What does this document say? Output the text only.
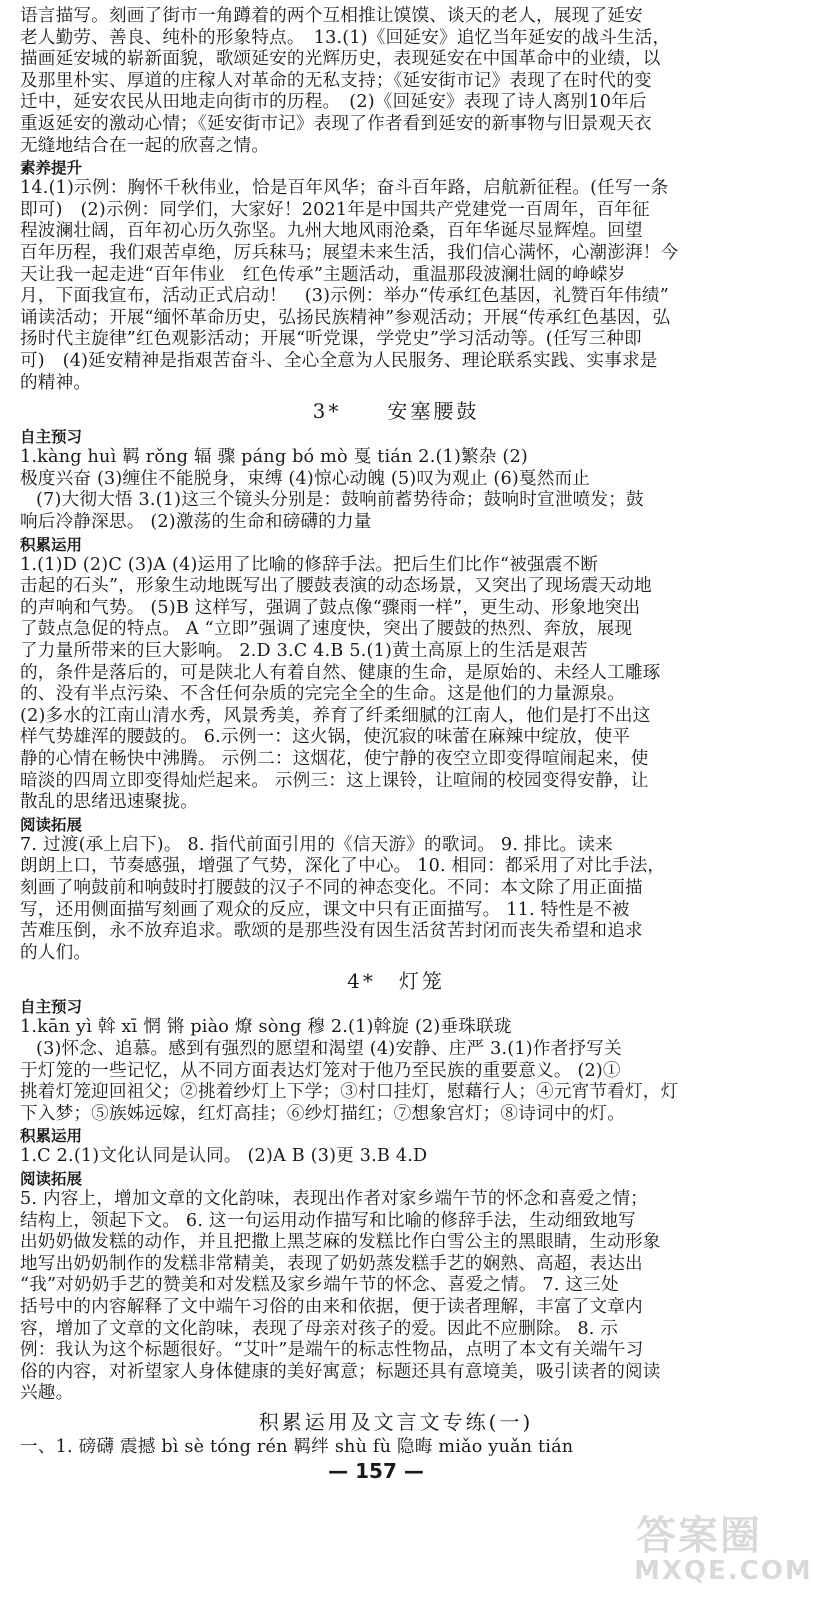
语言描写。刻画了街市一角蹲着的两个互相推让馍馍、谈天的老人，展现了延安
老人勤劳、善良、纯朴的形象特点。　13.(1)《回延安》追忆当年延安的战斗生活，
描画延安城的崭新面貌，歌颂延安的光辉历史，表现延安在中国革命中的业绩，以
及那里朴实、厚道的庄稼人对革命的无私支持；《延安街市记》表现了在时代的变
迁中，延安农民从田地走向街市的历程。　(2)《回延安》表现了诗人离别10年后
重返延安的激动心情；《延安街市记》表现了作者看到延安的新事物与旧景观天衣
无缝地结合在一起的欣喜之情。
素养提升
14.(1)示例：胸怀千秋伟业，恰是百年风华；奋斗百年路，启航新征程。(任写一条
即可)　(2)示例：同学们，大家好！2021年是中国共产党建党一百周年，百年征
程波澜壮阔，百年初心历久弥坚。九州大地风雨沧桑，百年华诞尽显辉煌。回望
百年历程，我们艰苦卓绝，厉兵秣马；展望未来生活，我们信心满怀，心潮澎湃！今
天让我一起走进“百年伟业　红色传承”主题活动，重温那段波澜壮阔的峥嵘岁
月，下面我宣布，活动正式启动！　(3)示例：举办“传承红色基因，礼赞百年伟绩”
诵读活动；开展“缅怀革命历史，弘扬民族精神”参观活动；开展“传承红色基因，弘
扬时代主旋律”红色观影活动；开展“听党课，学党史”学习活动等。(任写三种即
可)　(4)延安精神是指艰苦奋斗、全心全意为人民服务、理论联系实践、实事求是
的精神。
3*　　安塞腰鼓
自主预习
1.kàng huì 羁 rǒng 辐 骤 páng bó mò 戛 tián 2.(1)繁杂 (2)
极度兴奋 (3)缠住不能脱身，束缚 (4)惊心动魄 (5)叹为观止 (6)戛然而止
(7)大彻大悟 3.(1)这三个镜头分别是：鼓响前蓄势待命；鼓响时宣泄喷发；鼓
响后冷静深思。 (2)激荡的生命和磅礴的力量
积累运用
1.(1)D (2)C (3)A (4)运用了比喻的修辞手法。把后生们比作“被强震不断
击起的石头”，形象生动地既写出了腰鼓表演的动态场景，又突出了现场震天动地
的声响和气势。 (5)B 这样写，强调了鼓点像“骤雨一样”，更生动、形象地突出
了鼓点急促的特点。 A “立即”强调了速度快，突出了腰鼓的热烈、奔放，展现
了力量所带来的巨大影响。 2.D 3.C 4.B 5.(1)黄土高原上的生活是艰苦
的，条件是落后的，可是陕北人有着自然、健康的生命，是原始的、未经人工雕琢
的、没有半点污染、不含任何杂质的完完全全的生命。这是他们的力量源泉。
(2)多水的江南山清水秀，风景秀美，养育了纤柔细腻的江南人，他们是打不出这
样气势雄浑的腰鼓的。 6.示例一：这火锅，使沉寂的味蕾在麻辣中绽放，使平
静的心情在畅快中沸腾。 示例二：这烟花，使宁静的夜空立即变得喧闹起来，使
暗淡的四周立即变得灿烂起来。 示例三：这上课铃，让喧闹的校园变得安静，让
散乱的思绪迅速聚拢。
阅读拓展
7. 过渡(承上启下)。 8. 指代前面引用的《信天游》的歌词。 9. 排比。读来
朗朗上口，节奏感强，增强了气势，深化了中心。 10. 相同：都采用了对比手法，
刻画了响鼓前和响鼓时打腰鼓的汉子不同的神态变化。不同：本文除了用正面描
写，还用侧面描写刻画了观众的反应，课文中只有正面描写。 11. 特性是不被
苦难压倒，永不放弃追求。歌颂的是那些没有因生活贫苦封闭而丧失希望和追求
的人们。
4*　灯笼
自主预习
1.kān yì 斡 xī 惘 锵 piào 燎 sòng 穆 2.(1)斡旋 (2)垂珠联珑
(3)怀念、追慕。感到有强烈的愿望和渴望 (4)安静、庄严 3.(1)作者抒写关
于灯笼的一些记忆，从不同方面表达灯笼对于他乃至民族的重要意义。 (2)①
挑着灯笼迎回祖父；②挑着纱灯上下学；③村口挂灯，慰藉行人；④元宵节看灯，灯
下入梦；⑤族姊远嫁，红灯高挂；⑥纱灯描红；⑦想象宫灯；⑧诗词中的灯。
积累运用
1.C 2.(1)文化认同是认同。 (2)A B (3)更 3.B 4.D
阅读拓展
5. 内容上，增加文章的文化韵味，表现出作者对家乡端午节的怀念和喜爱之情；
结构上，领起下文。 6. 这一句运用动作描写和比喻的修辞手法，生动细致地写
出奶奶做发糕的动作，并且把撒上黑芝麻的发糕比作白雪公主的黑眼睛，生动形象
地写出奶奶制作的发糕非常精美，表现了奶奶蒸发糕手艺的娴熟、高超，表达出
“我”对奶奶手艺的赞美和对发糕及家乡端午节的怀念、喜爱之情。 7. 这三处
括号中的内容解释了文中端午习俗的由来和依据，便于读者理解，丰富了文章内
容，增加了文章的文化韵味，表现了母亲对孩子的爱。因此不应删除。 8. 示
例：我认为这个标题很好。“艾叶”是端午的标志性物品，点明了本文有关端午习
俗的内容，对祈望家人身体健康的美好寓意；标题还具有意境美，吸引读者的阅读
兴趣。
积累运用及文言文专练(一)
一、1. 磅礴 震撼 bì sè tóng rén 羁绊 shù fù 隐晦 miǎo yuǎn tián
— 157 —
答案圈
MXQE.COM
